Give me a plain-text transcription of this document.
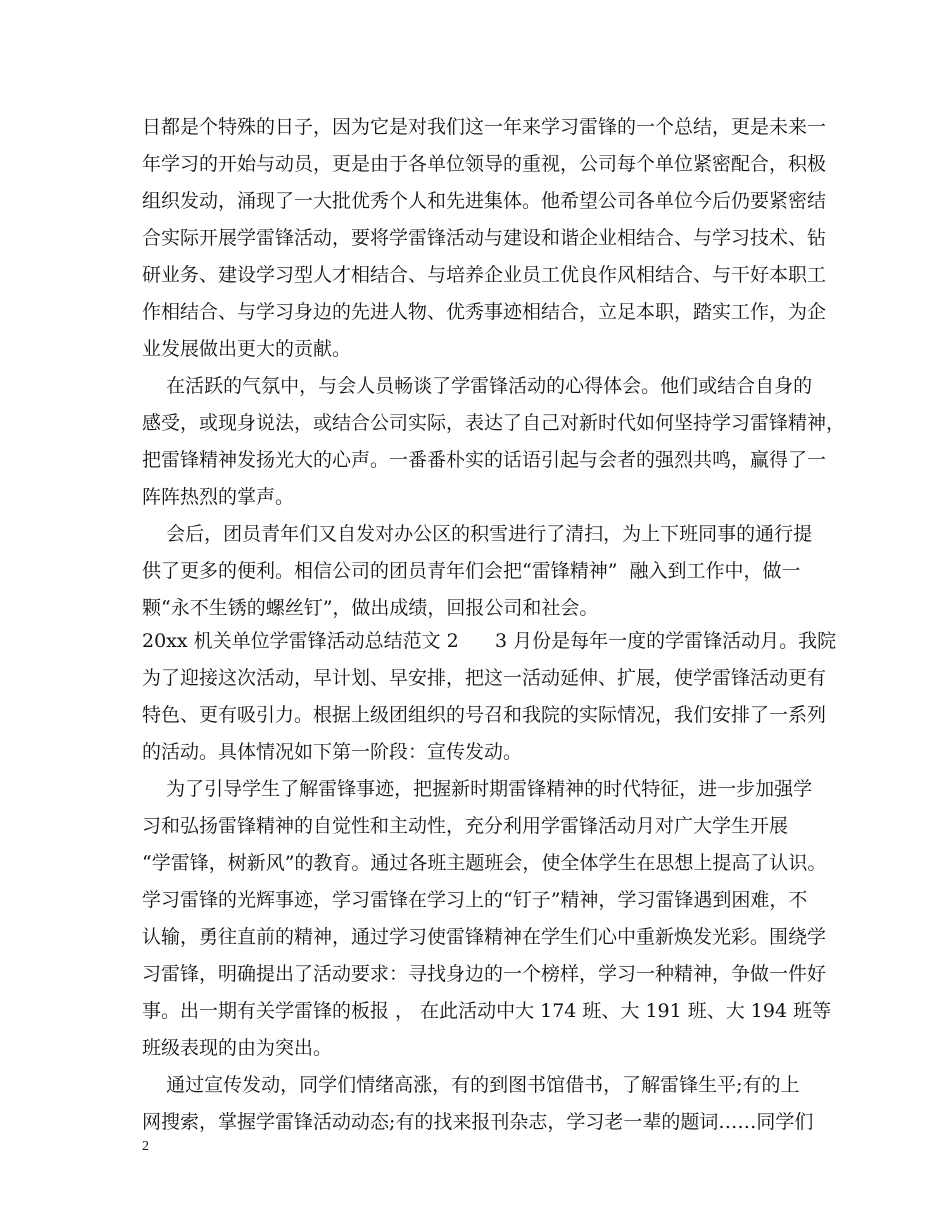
日都是个特殊的日子，因为它是对我们这一年来学习雷锋的一个总结，更是未来一
年学习的开始与动员，更是由于各单位领导的重视，公司每个单位紧密配合，积极
组织发动，涌现了一大批优秀个人和先进集体。他希望公司各单位今后仍要紧密结
合实际开展学雷锋活动，要将学雷锋活动与建设和谐企业相结合、与学习技术、钻
研业务、建设学习型人才相结合、与培养企业员工优良作风相结合、与干好本职工
作相结合、与学习身边的先进人物、优秀事迹相结合，立足本职，踏实工作，为企
业发展做出更大的贡献。
在活跃的气氛中，与会人员畅谈了学雷锋活动的心得体会。他们或结合自身的
感受，或现身说法，或结合公司实际，表达了自己对新时代如何坚持学习雷锋精神，
把雷锋精神发扬光大的心声。一番番朴实的话语引起与会者的强烈共鸣，赢得了一
阵阵热烈的掌声。
会后，团员青年们又自发对办公区的积雪进行了清扫，为上下班同事的通行提
供了更多的便利。相信公司的团员青年们会把“雷锋精神”  融入到工作中，做一
颗“永不生锈的螺丝钉”，做出成绩，回报公司和社会。
20xx 机关单位学雷锋活动总结范文 2      3 月份是每年一度的学雷锋活动月。我院
为了迎接这次活动，早计划、早安排，把这一活动延伸、扩展，使学雷锋活动更有
特色、更有吸引力。根据上级团组织的号召和我院的实际情况，我们安排了一系列
的活动。具体情况如下第一阶段：宣传发动。
为了引导学生了解雷锋事迹，把握新时期雷锋精神的时代特征，进一步加强学
习和弘扬雷锋精神的自觉性和主动性，充分利用学雷锋活动月对广大学生开展
“学雷锋，树新风”的教育。通过各班主题班会，使全体学生在思想上提高了认识。
学习雷锋的光辉事迹，学习雷锋在学习上的“钉子”精神，学习雷锋遇到困难，不
认输，勇往直前的精神，通过学习使雷锋精神在学生们心中重新焕发光彩。围绕学
习雷锋，明确提出了活动要求：寻找身边的一个榜样，学习一种精神，争做一件好
事。出一期有关学雷锋的板报 ， 在此活动中大 174 班、大 191 班、大 194 班等
班级表现的由为突出。
通过宣传发动，同学们情绪高涨，有的到图书馆借书，了解雷锋生平;有的上
网搜索，掌握学雷锋活动动态;有的找来报刊杂志，学习老一辈的题词……同学们
2
